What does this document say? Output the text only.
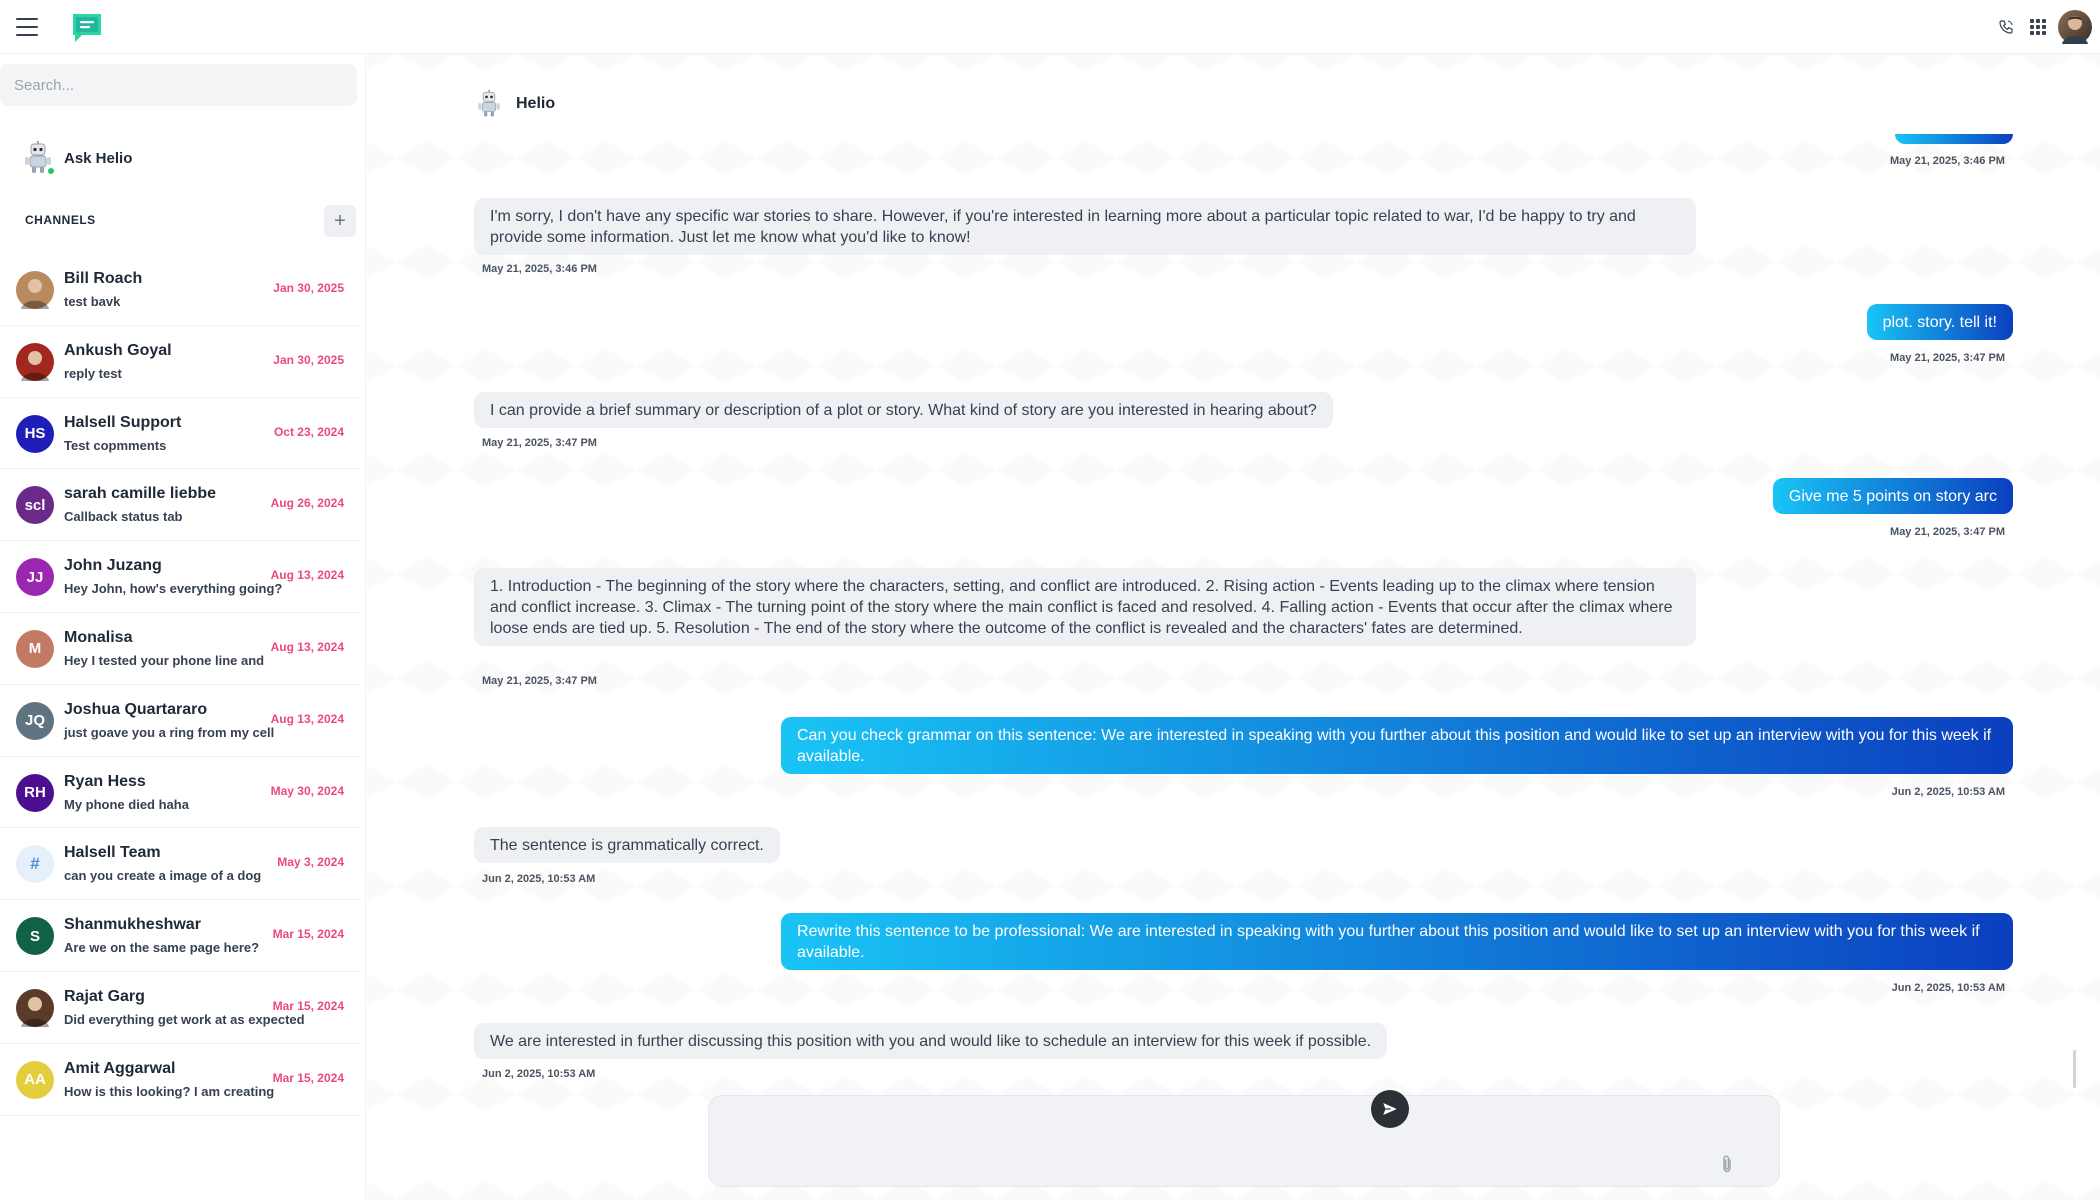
Search...
Ask Helio
CHANNELS	+
Bill Roach
test bavk
Jan 30, 2025
Ankush Goyal
reply test
Jan 30, 2025
HS
Halsell Support
Test copmments
Oct 23, 2024
scl
sarah camille liebbe
Callback status tab
Aug 26, 2024
JJ
John Juzang
Hey John, how's everything going?
Aug 13, 2024
M
Monalisa
Hey I tested your phone line and
Aug 13, 2024
JQ
Joshua Quartararo
just goave you a ring from my cell
Aug 13, 2024
RH
Ryan Hess
My phone died haha
May 30, 2024
#
Halsell Team
can you create a image of a dog
May 3, 2024
S
Shanmukheshwar
Are we on the same page here?
Mar 15, 2024
Rajat Garg
Did everything get work at as expected
Mar 15, 2024
AA
Amit Aggarwal
How is this looking? I am creating
Mar 15, 2024
Helio
May 21, 2025, 3:46 PM
I'm sorry, I don't have any specific war stories to share. However, if you're interested in learning more about a particular topic related to war, I'd be happy to try and provide some information. Just let me know what you'd like to know!
May 21, 2025, 3:46 PM
plot. story. tell it!
May 21, 2025, 3:47 PM
I can provide a brief summary or description of a plot or story. What kind of story are you interested in hearing about?
May 21, 2025, 3:47 PM
Give me 5 points on story arc
May 21, 2025, 3:47 PM
1. Introduction - The beginning of the story where the characters, setting, and conflict are introduced. 2. Rising action - Events leading up to the climax where tension and conflict increase. 3. Climax - The turning point of the story where the main conflict is faced and resolved. 4. Falling action - Events that occur after the climax where loose ends are tied up. 5. Resolution - The end of the story where the outcome of the conflict is revealed and the characters' fates are determined.
May 21, 2025, 3:47 PM
Can you check grammar on this sentence: We are interested in speaking with you further about this position and would like to set up an interview with you for this week if available.
Jun 2, 2025, 10:53 AM
The sentence is grammatically correct.
Jun 2, 2025, 10:53 AM
Rewrite this sentence to be professional: We are interested in speaking with you further about this position and would like to set up an interview with you for this week if available.
Jun 2, 2025, 10:53 AM
We are interested in further discussing this position with you and would like to schedule an interview for this week if possible.
Jun 2, 2025, 10:53 AM
